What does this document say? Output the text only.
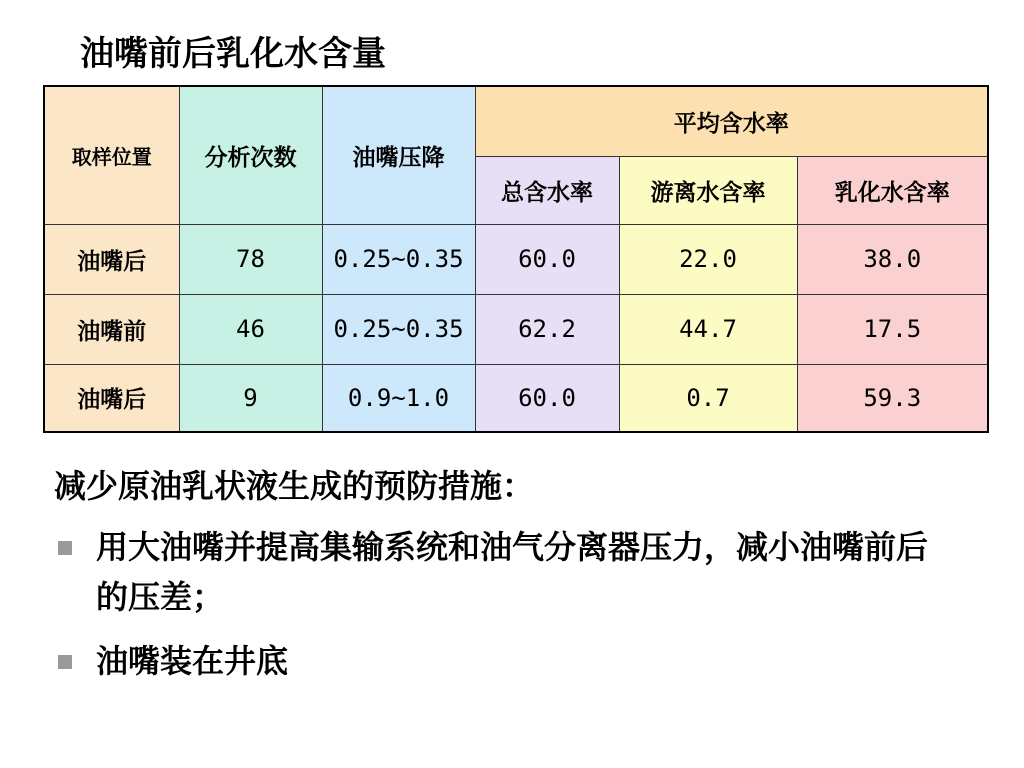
油嘴前后乳化水含量
取样位置	分析次数	油嘴压降	平均含水率		
			总含水率	游离水含率	乳化水含率
油嘴后	78	0.25~0.35	60.0	22.0	38.0
油嘴前	46	0.25~0.35	62.2	44.7	17.5
油嘴后	9	0.9~1.0	60.0	0.7	59.3
减少原油乳状液生成的预防措施：
用大油嘴并提高集输系统和油气分离器压力，减小油嘴前后的压差；
油嘴装在井底
